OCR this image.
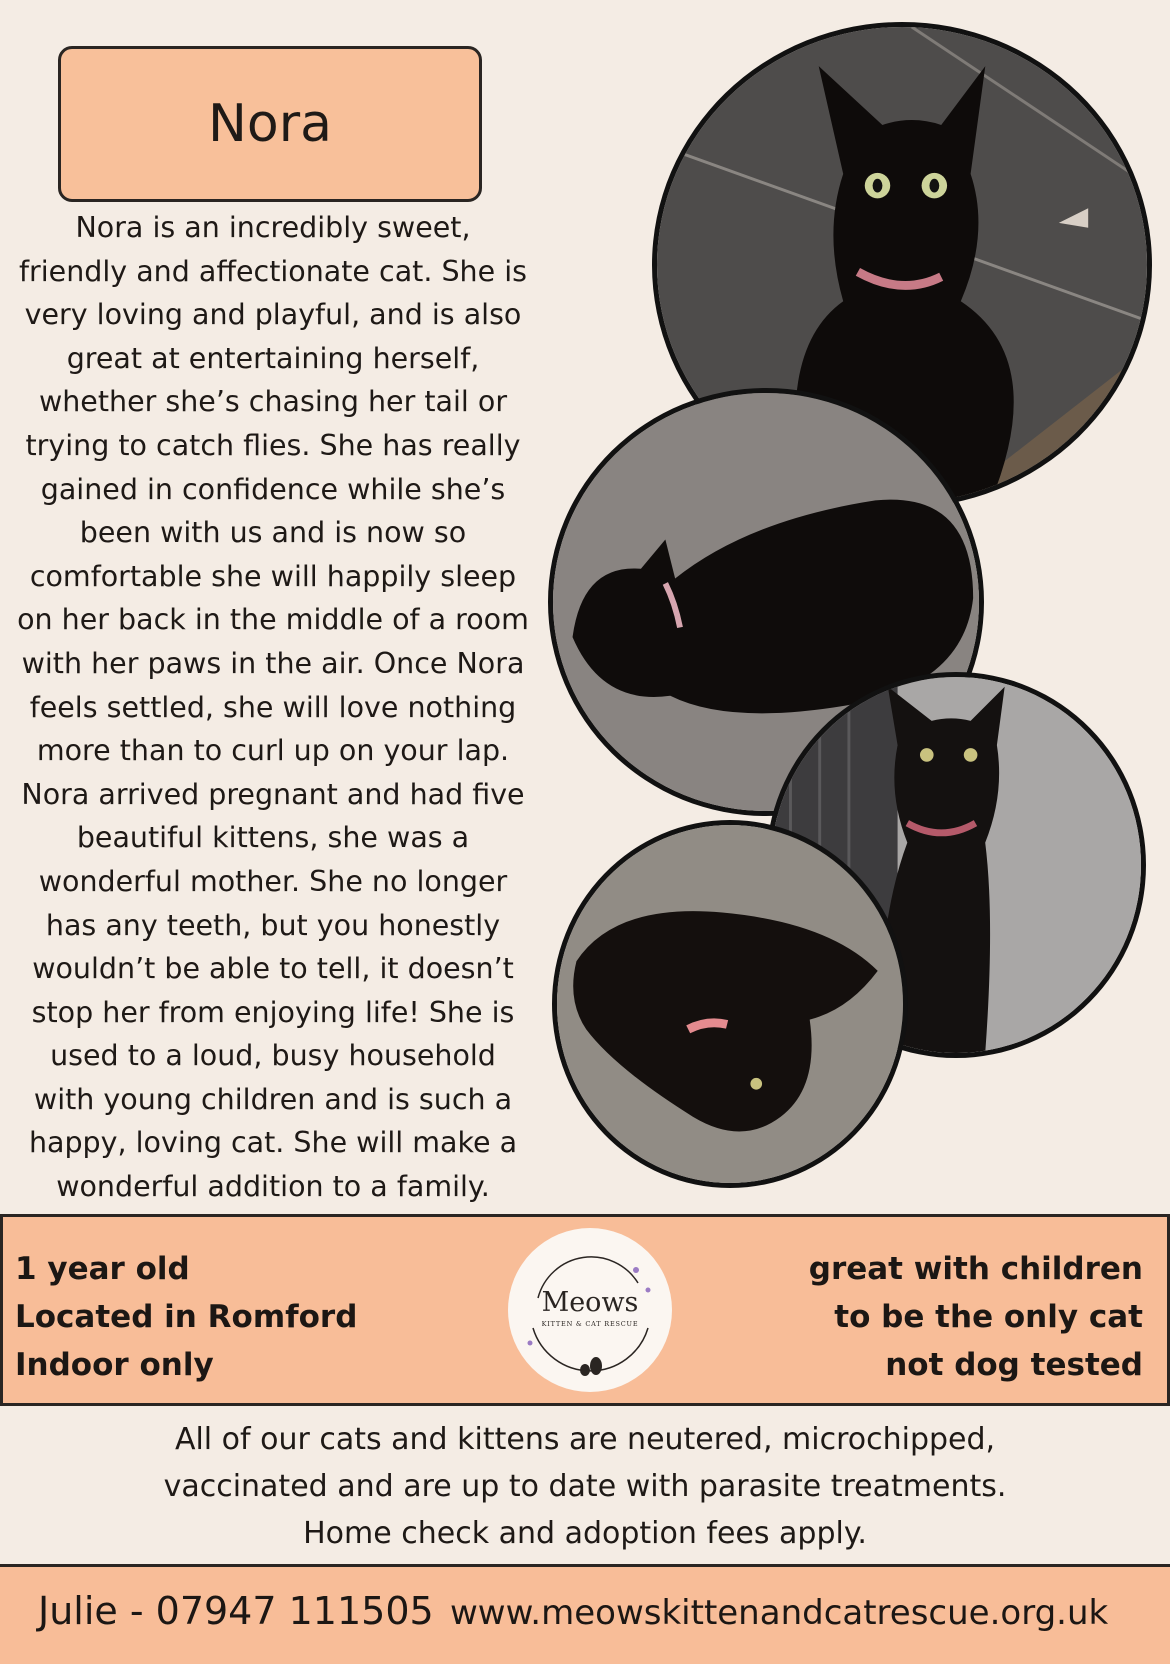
Nora

Nora is an incredibly sweet,
friendly and affectionate cat. She is
very loving and playful, and is also
great at entertaining herself,
whether she’s chasing her tail or
trying to catch flies. She has really
gained in confidence while she’s
been with us and is now so
comfortable she will happily sleep
on her back in the middle of a room
with her paws in the air. Once Nora
feels settled, she will love nothing
more than to curl up on your lap.
Nora arrived pregnant and had five
beautiful kittens, she was a
wonderful mother. She no longer
has any teeth, but you honestly
wouldn’t be able to tell, it doesn’t
stop her from enjoying life! She is
used to a loud, busy household
with young children and is such a
happy, loving cat. She will make a
wonderful addition to a family.

1 year old
Located in Romford
Indoor only
great with children
to be the only cat
not dog tested
Meows
KITTEN & CAT RESCUE

All of our cats and kittens are neutered, microchipped,
vaccinated and are up to date with parasite treatments.
Home check and adoption fees apply.

Julie - 07947 111505 www.meowskittenandcatrescue.org.uk
